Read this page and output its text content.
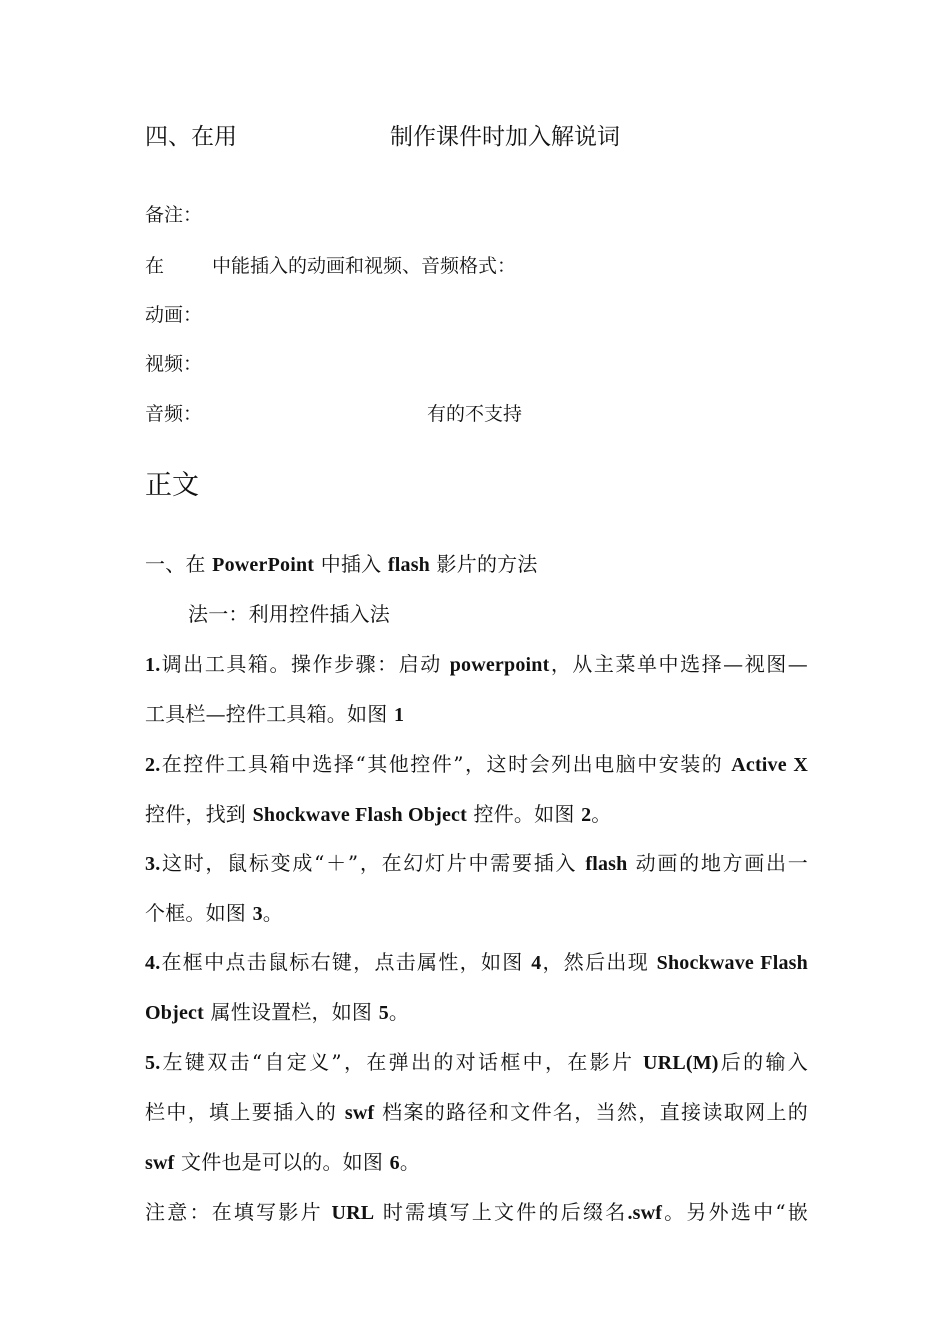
四、在用	制作课件时加入解说词
备注：
在	中能插入的动画和视频、音频格式：
动画：
视频：
音频：	有的不支持
正文
一、在 PowerPoint 中插入 flash 影片的方法
法一：利用控件插入法
1.调出工具箱。操作步骤：启动 powerpoint，从主菜单中选择—视图—
工具栏—控件工具箱。如图 1
2.在控件工具箱中选择“其他控件”，这时会列出电脑中安装的 Active X
控件，找到 Shockwave Flash Object 控件。如图 2。
3.这时，鼠标变成“＋”，在幻灯片中需要插入 flash 动画的地方画出一
个框。如图 3。
4.在框中点击鼠标右键，点击属性，如图 4，然后出现 Shockwave Flash
Object 属性设置栏，如图 5。
5.左键双击“自定义”，在弹出的对话框中，在影片 URL(M)后的输入
栏中，填上要插入的 swf 档案的路径和文件名，当然，直接读取网上的
swf 文件也是可以的。如图 6。
注意：在填写影片 URL 时需填写上文件的后缀名.swf。另外选中“嵌
